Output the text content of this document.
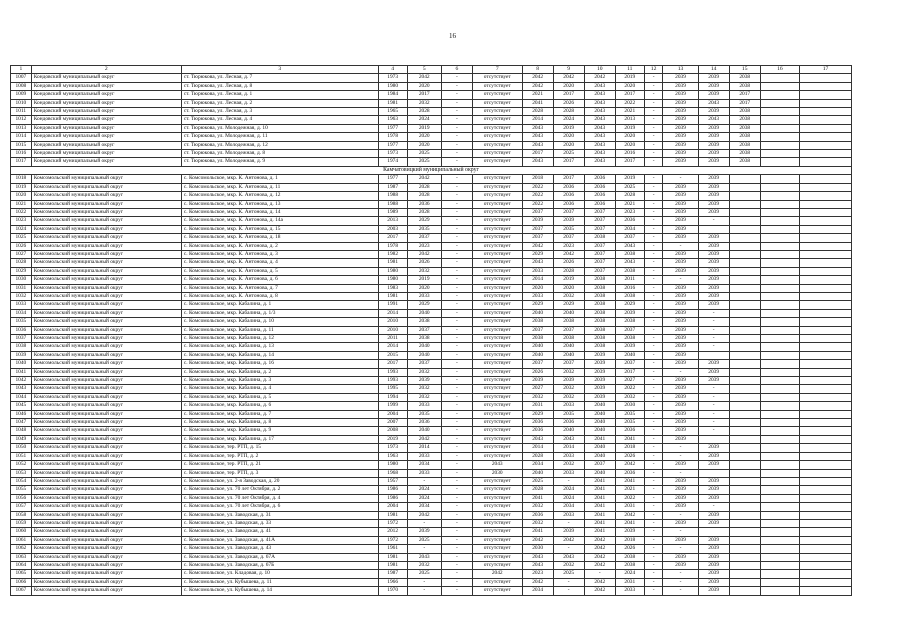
16
1	2	3	4	5	6	7	8	9	10	11	12	13	14	15	16	17
1007	Кондовский муниципальный округ	ст. Тюрюкова, ул. Лесная, д. 7	1973	2042	-	отсутствует	2042	2042	2042	2019	-	2039	2039	2038		
1008	Кондовский муниципальный округ	ст. Тюрюкова, ул. Лесная, д. 8	1980	2020	-	отсутствует	2042	2020	2043	2020	-	2039	2039	2038		
1009	Кондовский муниципальный округ	ст. Тюрюкова, ул. Лесная, д. 1	1984	2017	-	отсутствует	2021	2017	2043	2017	-	2039	2039	2017		
1010	Кондовский муниципальный округ	ст. Тюрюкова, ул. Лесная, д. 2	1981	2032	-	отсутствует	2041	2026	2043	2022	-	2039	2043	2017		
1011	Кондовский муниципальный округ	ст. Тюрюкова, ул. Лесная, д. 3	1965	2028	-	отсутствует	2028	2028	2043	2021	-	2039	2039	2038		
1012	Кондовский муниципальный округ	ст. Тюрюкова, ул. Лесная, д. 4	1963	2024	-	отсутствует	2014	2024	2043	2013	-	2039	2043	2038		
1013	Кондовский муниципальный округ	ст. Тюрюкова, ул. Молодежная, д. 10	1977	2019	-	отсутствует	2043	2019	2043	2019	-	2039	2039	2038		
1014	Кондовский муниципальный округ	ст. Тюрюкова, ул. Молодежная, д. 11	1978	2020	-	отсутствует	2043	2020	2043	2020	-	2039	2039	2038		
1015	Кондовский муниципальный округ	ст. Тюрюкова, ул. Молодежная, д. 12	1977	2020	-	отсутствует	2043	2020	2043	2020	-	2039	2039	2038		
1016	Кондовский муниципальный округ	ст. Тюрюкова, ул. Молодежная, д. 8	1973	2025	-	отсутствует	2017	2025	2043	2016	-	2039	2039	2038		
1017	Кондовский муниципальный округ	ст. Тюрюкова, ул. Молодежная, д. 9	1974	2025	-	отсутствует	2043	2017	2043	2017	-	2039	2039	2038		
Камчатовицкий муниципальный округ																
1018	Комсомольский муниципальный округ	с. Комсомольское, мкр. К. Антонова, д. 1	1977	2042	-	отсутствует	2018	2017	2036	2019	-	-	2039			
1019	Комсомольский муниципальный округ	с. Комсомольское, мкр. К. Антонова, д. 11	1987	2028	-	отсутствует	2022	2036	2036	2025	-	2039	2039			
1020	Комсомольский муниципальный округ	с. Комсомольское, мкр. К. Антонова, д. 12	1988	2028	-	отсутствует	2022	2036	2036	2028	-	2039	2039			
1021	Комсомольский муниципальный округ	с. Комсомольское, мкр. К. Антонова, д. 13	1988	2036	-	отсутствует	2022	2036	2036	2021	-	2039	2039			
1022	Комсомольский муниципальный округ	с. Комсомольское, мкр. К. Антонова, д. 14	1989	2028	-	отсутствует	2037	2037	2037	2023	-	2039	2039			
1023	Комсомольский муниципальный округ	с. Комсомольское, мкр. К. Антонова, д. 14а	2013	2029	-	отсутствует	2039	2039	2037	2036	-	2039	-			
1024	Комсомольский муниципальный округ	с. Комсомольское, мкр. К. Антонова, д. 15	2003	2035	-	отсутствует	2037	2035	2037	2034	-	2039				
1025	Комсомольский муниципальный округ	с. Комсомольское, мкр. К. Антонова, д. 18	2017	2037	-	отсутствует	2037	2037	2038	2037	-	2039	2039			
1026	Комсомольский муниципальный округ	с. Комсомольское, мкр. К. Антонова, д. 2	1978	2023	-	отсутствует	2042	2023	2037	2043	-	-	2039			
1027	Комсомольский муниципальный округ	с. Комсомольское, мкр. К. Антонова, д. 3	1982	2042	-	отсутствует	2029	2042	2037	2038	-	2039	2039			
1028	Комсомольский муниципальный округ	с. Комсомольское, мкр. К. Антонова, д. 4	1981	2026	-	отсутствует	2043	2026	2037	2043	-	2039	2039			
1029	Комсомольский муниципальный округ	с. Комсомольское, мкр. К. Антонова, д. 5	1980	2032	-	отсутствует	2033	2028	2037	2038	-	2039	2039			
1030	Комсомольский муниципальный округ	с. Комсомольское, мкр. К. Антонова, д. 6	1980	2019	-	отсутствует	2014	2019	2038	2011	-	-	2039			
1031	Комсомольский муниципальный округ	с. Комсомольское, мкр. К. Антонова, д. 7	1983	2020	-	отсутствует	2020	2020	2038	2016	-	2039	2039			
1032	Комсомольский муниципальный округ	с. Комсомольское, мкр. К. Антонова, д. 8	1981	2033	-	отсутствует	2033	2032	2038	2038	-	2039	2039			
1033	Комсомольский муниципальный округ	с. Комсомольское, мкр. Кабалина, д. 1	1991	2029	-	отсутствует	2029	2029	2038	2029	-	2039	2039			
1034	Комсомольский муниципальный округ	с. Комсомольское, мкр. Кабалина, д. 1/3	2014	2040	-	отсутствует	2040	2040	2038	2039	-	2039	-			
1035	Комсомольский муниципальный округ	с. Комсомольское, мкр. Кабалина, д. 10	2010	2038	-	отсутствует	2038	2038	2038	2038	-	2039	-			
1036	Комсомольский муниципальный округ	с. Комсомольское, мкр. Кабалина, д. 11	2010	2037	-	отсутствует	2037	2037	2038	2037	-	2039	-			
1037	Комсомольский муниципальный округ	с. Комсомольское, мкр. Кабалина, д. 12	2011	2038	-	отсутствует	2038	2038	2038	2038	-	2039	-			
1038	Комсомольский муниципальный округ	с. Комсомольское, мкр. Кабалина, д. 13	2014	2040	-	отсутствует	2040	2040	2038	2039	-	2039	-			
1039	Комсомольский муниципальный округ	с. Комсомольское, мкр. Кабалина, д. 14	2015	2040	-	отсутствует	2040	2040	2039	2040	-	2039				
1040	Комсомольский муниципальный округ	с. Комсомольское, мкр. Кабалина, д. 16	2017	2037	-	отсутствует	2037	2037	2039	2037	-	2039	2039			
1041	Комсомольский муниципальный округ	с. Комсомольское, мкр. Кабалина, д. 2	1993	2032	-	отсутствует	2026	2032	2039	2017	-	-	2039			
1042	Комсомольский муниципальный округ	с. Комсомольское, мкр. Кабалина, д. 3	1993	2039	-	отсутствует	2039	2039	2039	2027	-	2039	2039			
1043	Комсомольский муниципальный округ	с. Комсомольское, мкр. Кабалина, д. 4	1995	2032	-	отсутствует	2027	2032	2039	2022	-	2039	-			
1044	Комсомольский муниципальный округ	с. Комсомольское, мкр. Кабалина, д. 5	1994	2032	-	отсутствует	2032	2032	2039	2032	-	2039	-			
1045	Комсомольский муниципальный округ	с. Комсомольское, мкр. Кабалина, д. 6	1999	2033	-	отсутствует	2031	2033	2040	2030	-	2039	-			
1046	Комсомольский муниципальный округ	с. Комсомольское, мкр. Кабалина, д. 7	2004	2035	-	отсутствует	2029	2035	2040	2035	-	2039	-			
1047	Комсомольский муниципальный округ	с. Комсомольское, мкр. Кабалина, д. 8	2007	2036	-	отсутствует	2036	2036	2040	2035	-	2039	-			
1048	Комсомольский муниципальный округ	с. Комсомольское, мкр. Кабалина, д. 9	2008	2040	-	отсутствует	2036	2040	2040	2036	-	2039	-			
1049	Комсомольский муниципальный округ	с. Комсомольское, мкр. Кабалина, д. 17	2019	2042	-	отсутствует	2043	2043	2041	2041	-	2039				
1050	Комсомольский муниципальный округ	с. Комсомольское, тер. РТП, д. 15	1973	2014	-	отсутствует	2014	2014	2040	2018	-	-	2039			
1051	Комсомольский муниципальный округ	с. Комсомольское, тер. РТП, д. 2	1963	2033	-	отсутствует	2028	2033	2040	2026	-	-	2039			
1052	Комсомольский муниципальный округ	с. Комсомольское, тер. РТП, д. 21	1980	2034	-	2043	2034	2032	2037	2042	-	2039	2039			
1053	Комсомольский муниципальный округ	с. Комсомольское, тер. РТП, д. 3	1968	2033	-	2030	2040	2033	2040	2036	-	-				
1054	Комсомольский муниципальный округ	с. Комсомольское, ул. 2-я Заводская, д. 20	1957	-	-	отсутствует	2025	-	2041	2041	-	2039	2039			
1055	Комсомольский муниципальный округ	с. Комсомольское, ул. 70 лет Октября, д. 2	1986	2024	-	отсутствует	2028	2024	2041	2021	-	2039	2039			
1056	Комсомольский муниципальный округ	с. Комсомольское, ул. 70 лет Октября, д. 4	1986	2024	-	отсутствует	2041	2024	2041	2022	-	2039	2039			
1057	Комсомольский муниципальный округ	с. Комсомольское, ул. 70 лет Октября, д. 6	2004	2034	-	отсутствует	2032	2034	2041	2031	-	2039	-			
1058	Комсомольский муниципальный округ	с. Комсомольское, ул. Заводская, д. 31	1981	2042	-	отсутствует	2036	2033	2041	2042	-	-	2039			
1059	Комсомольский муниципальный округ	с. Комсомольское, ул. Заводская, д. 33	1972	-	-	отсутствует	2032	-	2041	2041	-	2039	2039			
1060	Комсомольский муниципальный округ	с. Комсомольское, ул. Заводская, д. 41	2012	2039	-	отсутствует	2041	2039	2041	2039	-	-				
1061	Комсомольский муниципальный округ	с. Комсомольское, ул. Заводская, д. 41А	1972	2025	-	отсутствует	2042	2042	2042	2018	-	2039	2039			
1062	Комсомольский муниципальный округ	с. Комсомольское, ул. Заводская, д. 43	1961	-	-	отсутствует	2030	-	2042	2026	-	-	2039			
1063	Комсомольский муниципальный округ	с. Комсомольское, ул. Заводская, д. 67А	1981	2043	-	отсутствует	2043	2043	2042	2038	-	2039	2039			
1064	Комсомольский муниципальный округ	с. Комсомольское, ул. Заводская, д. 67Б	1981	2032	-	отсутствует	2043	2032	2042	2038	-	2039	2039			
1065	Комсомольский муниципальный округ	с. Комсомольское, ул. Кладовая, д. 10	1987	2025	-	2042	2023	2025	-	2024	-	-	2039			
1066	Комсомольский муниципальный округ	с. Комсомольское, ул. Кубышева, д. 11	1966	-	-	отсутствует	2042	-	2042	2031	-	-	2039			
1067	Комсомольский муниципальный округ	с. Комсомольское, ул. Кубышева, д. 14	1970	-	-	отсутствует	2034	-	2042	2033	-	-	2039			
